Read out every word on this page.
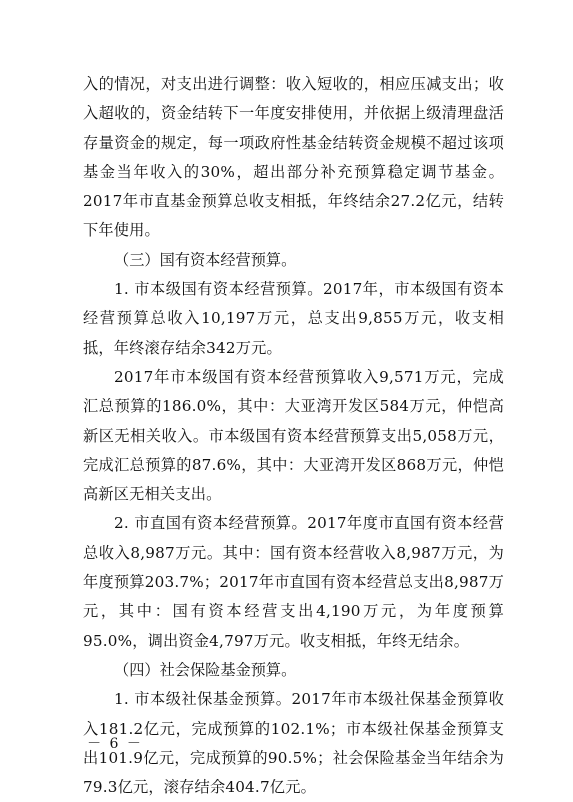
入的情况，对支出进行调整：收入短收的，相应压减支出；收入超收的，资金结转下一年度安排使用，并依据上级清理盘活存量资金的规定，每一项政府性基金结转资金规模不超过该项基金当年收入的30%，超出部分补充预算稳定调节基金。2017年市直基金预算总收支相抵，年终结余27.2亿元，结转下年使用。

（三）国有资本经营预算。

1. 市本级国有资本经营预算。2017年，市本级国有资本经营预算总收入10,197万元，总支出9,855万元，收支相抵，年终滚存结余342万元。

2017年市本级国有资本经营预算收入9,571万元，完成汇总预算的186.0%，其中：大亚湾开发区584万元，仲恺高新区无相关收入。市本级国有资本经营预算支出5,058万元，完成汇总预算的87.6%，其中：大亚湾开发区868万元，仲恺高新区无相关支出。

2. 市直国有资本经营预算。2017年度市直国有资本经营总收入8,987万元。其中：国有资本经营收入8,987万元，为年度预算203.7%；2017年市直国有资本经营总支出8,987万元，其中：国有资本经营支出4,190万元，为年度预算95.0%，调出资金4,797万元。收支相抵，年终无结余。

（四）社会保险基金预算。

1. 市本级社保基金预算。2017年市本级社保基金预算收入181.2亿元，完成预算的102.1%；市本级社保基金预算支出101.9亿元，完成预算的90.5%；社会保险基金当年结余为79.3亿元，滚存结余404.7亿元。

－ 6 －
